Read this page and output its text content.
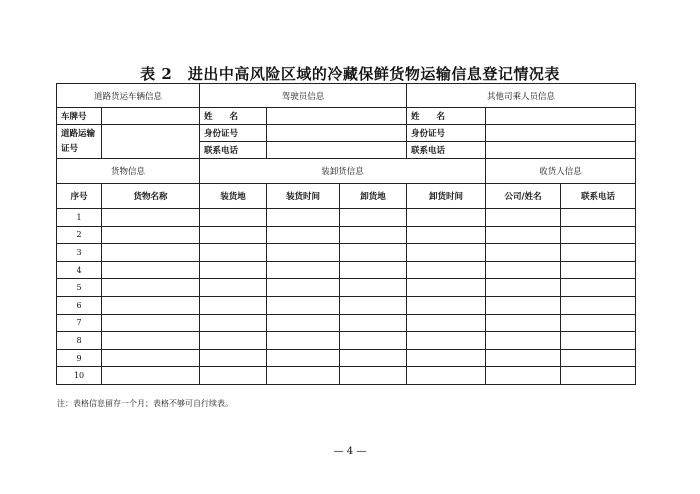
表 2　进出中高风险区域的冷藏保鲜货物运输信息登记情况表
道路货运车辆信息		驾驶员信息			其他司乘人员信息		
车牌号		姓　　名			姓　　名		
道路运输证号		身份证号			身份证号		
		联系电话			联系电话		
货物信息		装卸货信息				收货人信息	
序号	货物名称	装货地	装货时间	卸货地	卸货时间	公司/姓名	联系电话
1							
2							
3							
4							
5							
6							
7							
8							
9							
10							
注：表格信息留存一个月；表格不够可自行续表。
— 4 —
